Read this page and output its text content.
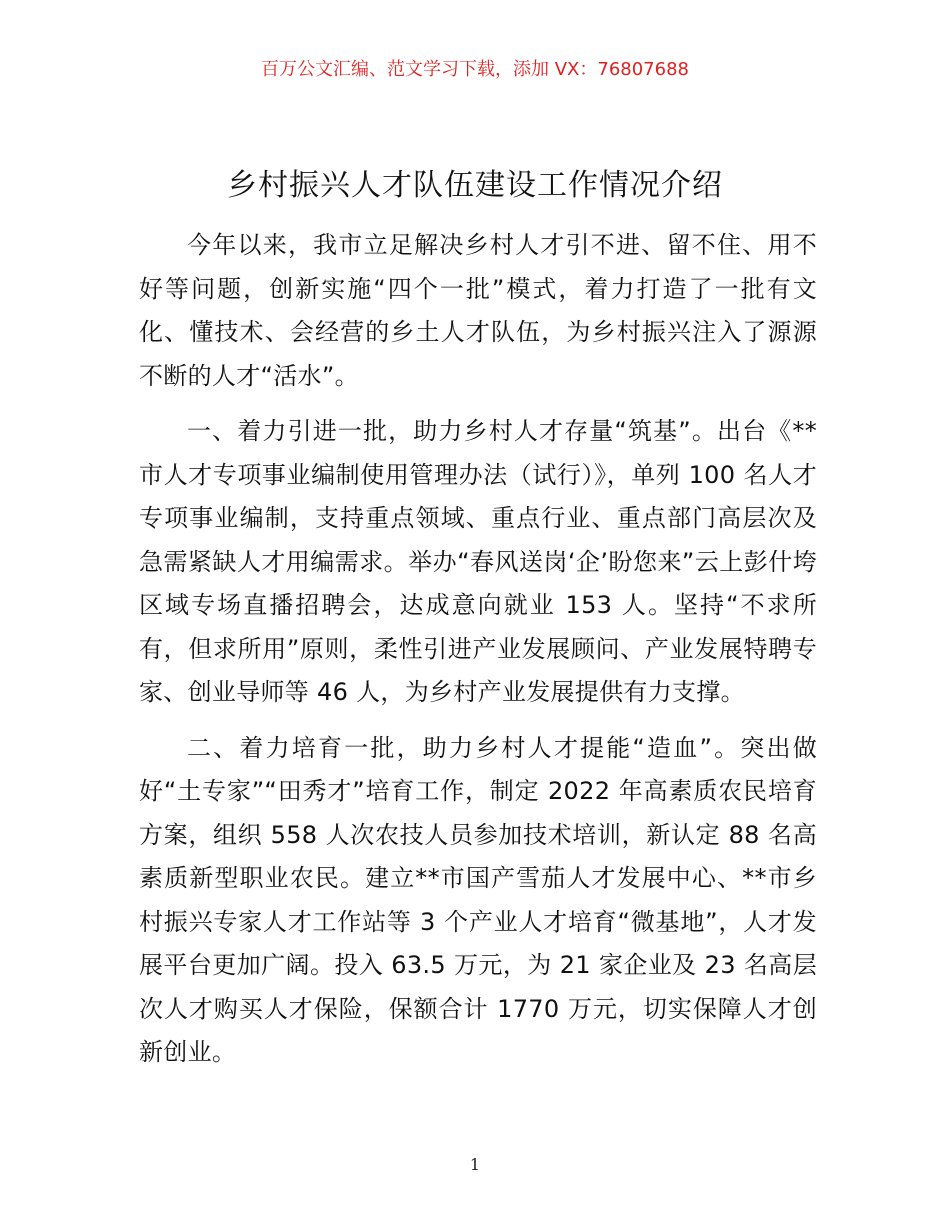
百万公文汇编、范文学习下载，添加 VX：76807688
乡村振兴人才队伍建设工作情况介绍

今年以来，我市立足解决乡村人才引不进、留不住、用不好等问题，创新实施“四个一批”模式，着力打造了一批有文化、懂技术、会经营的乡土人才队伍，为乡村振兴注入了源源不断的人才“活水”。

一、着力引进一批，助力乡村人才存量“筑基”。出台《**市人才专项事业编制使用管理办法（试行）》，单列 100 名人才专项事业编制，支持重点领域、重点行业、重点部门高层次及急需紧缺人才用编需求。举办“春风送岗‘企’盼您来”云上彭什垮区域专场直播招聘会，达成意向就业 153 人。坚持“不求所有，但求所用”原则，柔性引进产业发展顾问、产业发展特聘专家、创业导师等 46 人，为乡村产业发展提供有力支撑。

二、着力培育一批，助力乡村人才提能“造血”。突出做好“土专家”“田秀才”培育工作，制定 2022 年高素质农民培育方案，组织 558 人次农技人员参加技术培训，新认定 88 名高素质新型职业农民。建立**市国产雪茄人才发展中心、**市乡村振兴专家人才工作站等 3 个产业人才培育“微基地”，人才发展平台更加广阔。投入 63.5 万元，为 21 家企业及 23 名高层次人才购买人才保险，保额合计 1770 万元，切实保障人才创新创业。

1
